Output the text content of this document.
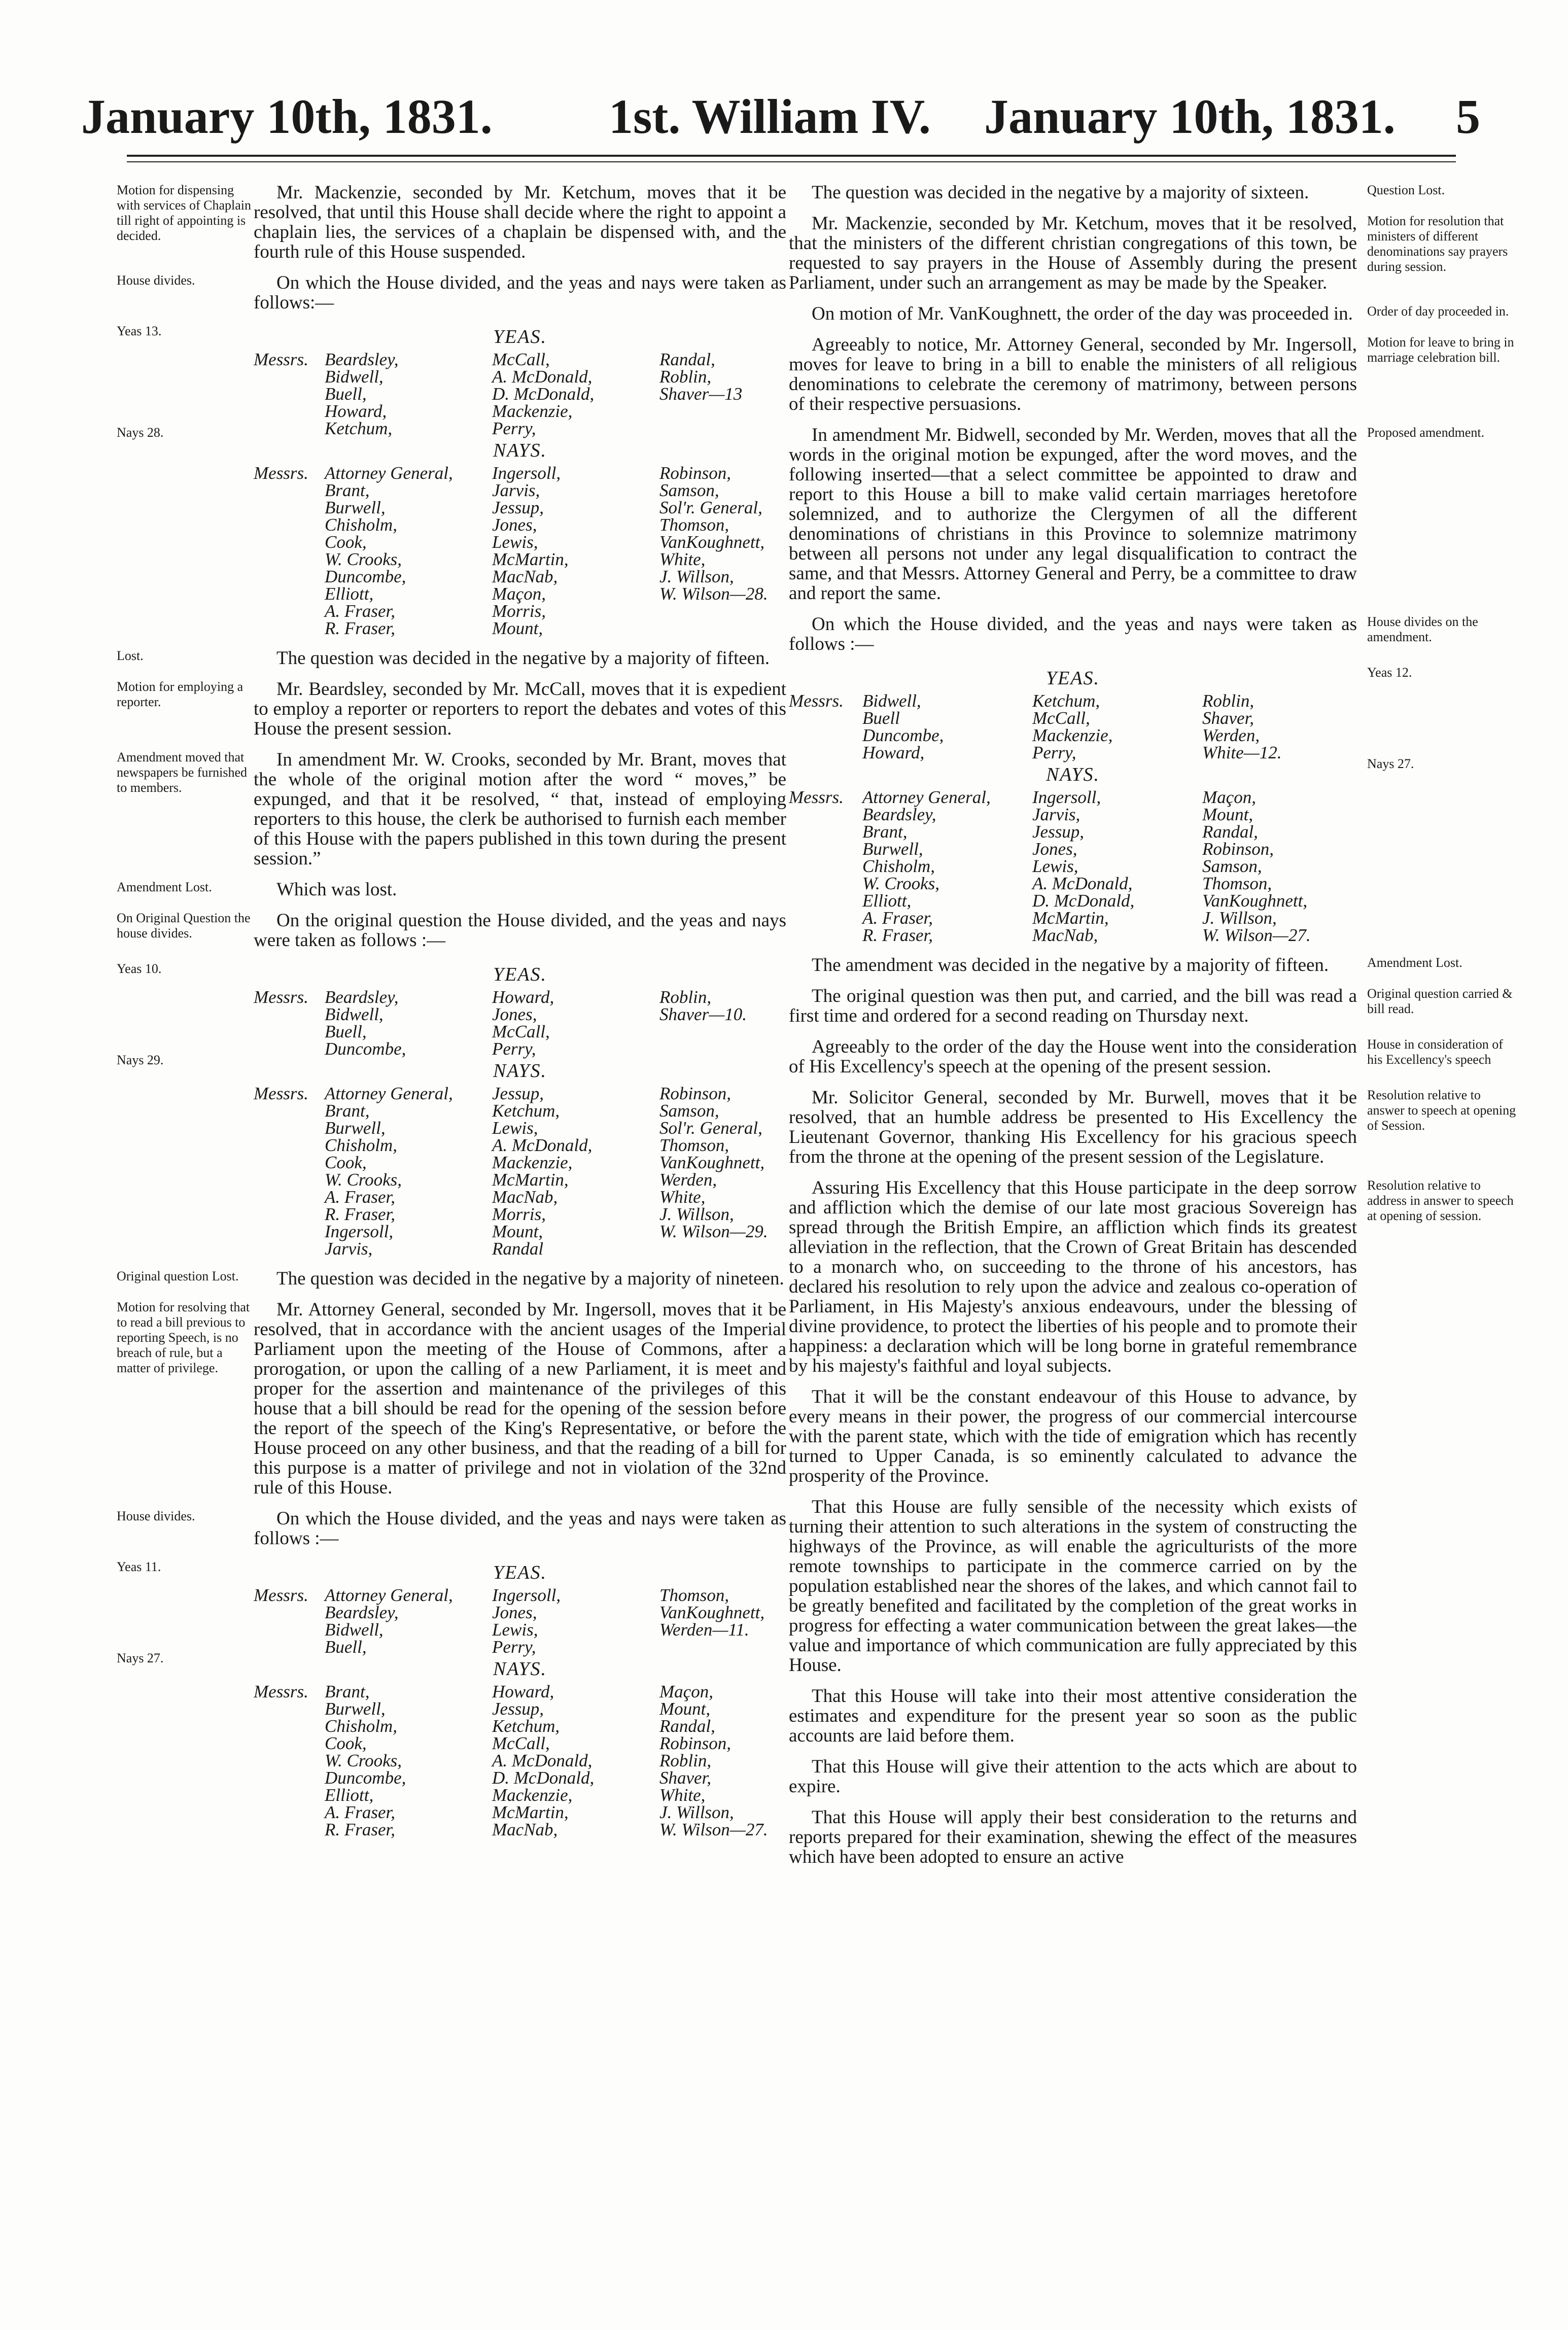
January 10th, 1831. 1st. William IV. January 10th, 1831. 5
Motion for dispensing with services of Chaplain till right of appointing is decided.

Mr. Mackenzie, seconded by Mr. Ketchum, moves that it be resolved, that until this House shall decide where the right to appoint a chaplain lies, the services of a chaplain be dispensed with, and the fourth rule of this House suspended.

House divides.	On which the House divided, and the yeas and nays were taken as follows:—

Yeas 13.
Nays 28.
YEAS.
Messrs. Beardsley,	McCall,	Randal,
Bidwell,	A. McDonald,	Roblin,
Buell,	D. McDonald,	Shaver—13
Howard,	Mackenzie,
Ketchum,	Perry,
NAYS.
Messrs. Attorney General,	Ingersoll,	Robinson,
Brant,	Jarvis,	Samson,
Burwell,	Jessup,	Sol'r. General,
Chisholm,	Jones,	Thomson,
Cook,	Lewis,	VanKoughnett,
W. Crooks,	McMartin,	White,
Duncombe,	MacNab,	J. Willson,
Elliott,	Maçon,	W. Wilson—28.
A. Fraser,	Morris,
R. Fraser,	Mount,
Lost.	The question was decided in the negative by a majority of fifteen.

Motion for employing a reporter.

Mr. Beardsley, seconded by Mr. McCall, moves that it is expedient to employ a reporter or reporters to report the debates and votes of this House the present session.

Amendment moved that newspapers be furnished to members.

In amendment Mr. W. Crooks, seconded by Mr. Brant, moves that the whole of the original motion after the word “ moves,” be expunged, and that it be resolved, “ that, instead of employing reporters to this house, the clerk be authorised to furnish each member of this House with the papers published in this town during the present session.”

Amendment Lost.	Which was lost.

On Original Question the house divides.

On the original question the House divided, and the yeas and nays were taken as follows :—

Yeas 10.
Nays 29.
YEAS.
Messrs. Beardsley,	Howard,	Roblin,
Bidwell,	Jones,	Shaver—10.
Buell,	McCall,
Duncombe,	Perry,
NAYS.
Messrs. Attorney General,	Jessup,	Robinson,
Brant,	Ketchum,	Samson,
Burwell,	Lewis,	Sol'r. General,
Chisholm,	A. McDonald,	Thomson,
Cook,	Mackenzie,	VanKoughnett,
W. Crooks,	McMartin,	Werden,
A. Fraser,	MacNab,	White,
R. Fraser,	Morris,	J. Willson,
Ingersoll,	Mount,	W. Wilson—29.
Jarvis,	Randal
Original question Lost.	The question was decided in the negative by a majority of nineteen.

Motion for resolving that to read a bill previous to reporting Speech, is no breach of rule, but a matter of privilege.

Mr. Attorney General, seconded by Mr. Ingersoll, moves that it be resolved, that in accordance with the ancient usages of the Imperial Parliament upon the meeting of the House of Commons, after a prorogation, or upon the calling of a new Parliament, it is meet and proper for the assertion and maintenance of the privileges of this house that a bill should be read for the opening of the session before the report of the speech of the King's Representative, or before the House proceed on any other business, and that the reading of a bill for this purpose is a matter of privilege and not in violation of the 32nd rule of this House.

House divides.	On which the House divided, and the yeas and nays were taken as follows :—

Yeas 11.
Nays 27.
YEAS.
Messrs. Attorney General,	Ingersoll,	Thomson,
Beardsley,	Jones,	VanKoughnett,
Bidwell,	Lewis,	Werden—11.
Buell,	Perry,
NAYS.
Messrs. Brant,	Howard,	Maçon,
Burwell,	Jessup,	Mount,
Chisholm,	Ketchum,	Randal,
Cook,	McCall,	Robinson,
W. Crooks,	A. McDonald,	Roblin,
Duncombe,	D. McDonald,	Shaver,
Elliott,	Mackenzie,	White,
A. Fraser,	McMartin,	J. Willson,
R. Fraser,	MacNab,	W. Wilson—27.

The question was decided in the negative by a majority of sixteen.	Question Lost.

Mr. Mackenzie, seconded by Mr. Ketchum, moves that it be resolved, that the ministers of the different christian congregations of this town, be requested to say prayers in the House of Assembly during the present Parliament, under such an arrangement as may be made by the Speaker.

Motion for resolution that ministers of different denominations say prayers during session.

On motion of Mr. VanKoughnett, the order of the day was proceeded in.	Order of day proceeded in.

Agreeably to notice, Mr. Attorney General, seconded by Mr. Ingersoll, moves for leave to bring in a bill to enable the ministers of all religious denominations to celebrate the ceremony of matrimony, between persons of their respective persuasions.

Motion for leave to bring in marriage celebration bill.

In amendment Mr. Bidwell, seconded by Mr. Werden, moves that all the words in the original motion be expunged, after the word moves, and the following inserted—that a select committee be appointed to draw and report to this House a bill to make valid certain marriages heretofore solemnized, and to authorize the Clergymen of all the different denominations of christians in this Province to solemnize matrimony between all persons not under any legal disqualification to contract the same, and that Messrs. Attorney General and Perry, be a committee to draw and report the same.

Proposed amendment.

On which the House divided, and the yeas and nays were taken as follows :—

House divides on the amendment.
YEAS.
Messrs.	Bidwell,	Ketchum,	Roblin,
Buell	McCall,	Shaver,
Duncombe,	Mackenzie,	Werden,
Howard,	Perry,	White—12.
NAYS.
Messrs.	Attorney General,	Ingersoll,	Maçon,
Beardsley,	Jarvis,	Mount,
Brant,	Jessup,	Randal,
Burwell,	Jones,	Robinson,
Chisholm,	Lewis,	Samson,
W. Crooks,	A. McDonald,	Thomson,
Elliott,	D. McDonald,	VanKoughnett,
A. Fraser,	McMartin,	J. Willson,
R. Fraser,	MacNab,	W. Wilson—27.
Yeas 12.
Nays 27.

The amendment was decided in the negative by a majority of fifteen.	Amendment Lost.

The original question was then put, and carried, and the bill was read a first time and ordered for a second reading on Thursday next.

Original question carried & bill read.

Agreeably to the order of the day the House went into the consideration of His Excellency's speech at the opening of the present session.

House in consideration of his Excellency's speech

Mr. Solicitor General, seconded by Mr. Burwell, moves that it be resolved, that an humble address be presented to His Excellency the Lieutenant Governor, thanking His Excellency for his gracious speech from the throne at the opening of the present session of the Legislature.

Resolution relative to answer to speech at opening of Session.

Assuring His Excellency that this House participate in the deep sorrow and affliction which the demise of our late most gracious Sovereign has spread through the British Empire, an affliction which finds its greatest alleviation in the reflection, that the Crown of Great Britain has descended to a monarch who, on succeeding to the throne of his ancestors, has declared his resolution to rely upon the advice and zealous co-operation of Parliament, in His Majesty's anxious endeavours, under the blessing of divine providence, to protect the liberties of his people and to promote their happiness: a declaration which will be long borne in grateful remembrance by his majesty's faithful and loyal subjects.

Resolution relative to address in answer to speech at opening of session.

That it will be the constant endeavour of this House to advance, by every means in their power, the progress of our commercial intercourse with the parent state, which with the tide of emigration which has recently turned to Upper Canada, is so eminently calculated to advance the prosperity of the Province.

That this House are fully sensible of the necessity which exists of turning their attention to such alterations in the system of constructing the highways of the Province, as will enable the agriculturists of the more remote townships to participate in the commerce carried on by the population established near the shores of the lakes, and which cannot fail to be greatly benefited and facilitated by the completion of the great works in progress for effecting a water communication between the great lakes—the value and importance of which communication are fully appreciated by this House.

That this House will take into their most attentive consideration the estimates and expenditure for the present year so soon as the public accounts are laid before them.

That this House will give their attention to the acts which are about to expire.

That this House will apply their best consideration to the returns and reports prepared for their examination, shewing the effect of the measures which have been adopted to ensure an active
